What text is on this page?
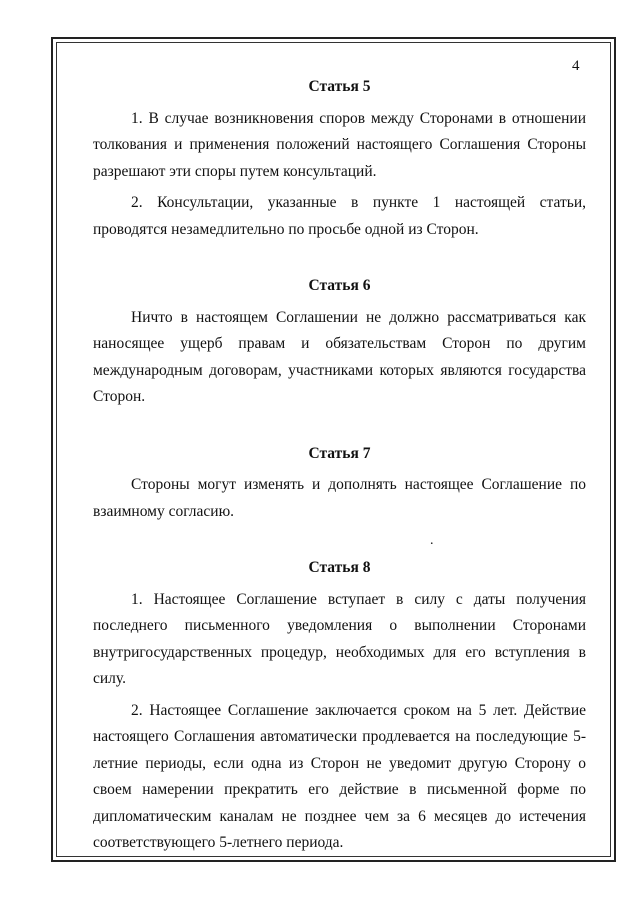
4
.

Статья 5

1. В случае возникновения споров между Сторонами в отношении толкования и применения положений настоящего Соглашения Стороны разрешают эти споры путем консультаций.

2. Консультации, указанные в пункте 1 настоящей статьи, проводятся незамедлительно по просьбе одной из Сторон.

Статья 6

Ничто в настоящем Соглашении не должно рассматриваться как наносящее ущерб правам и обязательствам Сторон по другим международным договорам, участниками которых являются государства Сторон.

Статья 7

Стороны могут изменять и дополнять настоящее Соглашение по взаимному согласию.

Статья 8

1. Настоящее Соглашение вступает в силу с даты получения последнего письменного уведомления о выполнении Сторонами внутригосударственных процедур, необходимых для его вступления в силу.

2. Настоящее Соглашение заключается сроком на 5 лет. Действие настоящего Соглашения автоматически продлевается на последующие 5-летние периоды, если одна из Сторон не уведомит другую Сторону о своем намерении прекратить его действие в письменной форме по дипломатическим каналам не позднее чем за 6 месяцев до истечения соответствующего 5-летнего периода.
